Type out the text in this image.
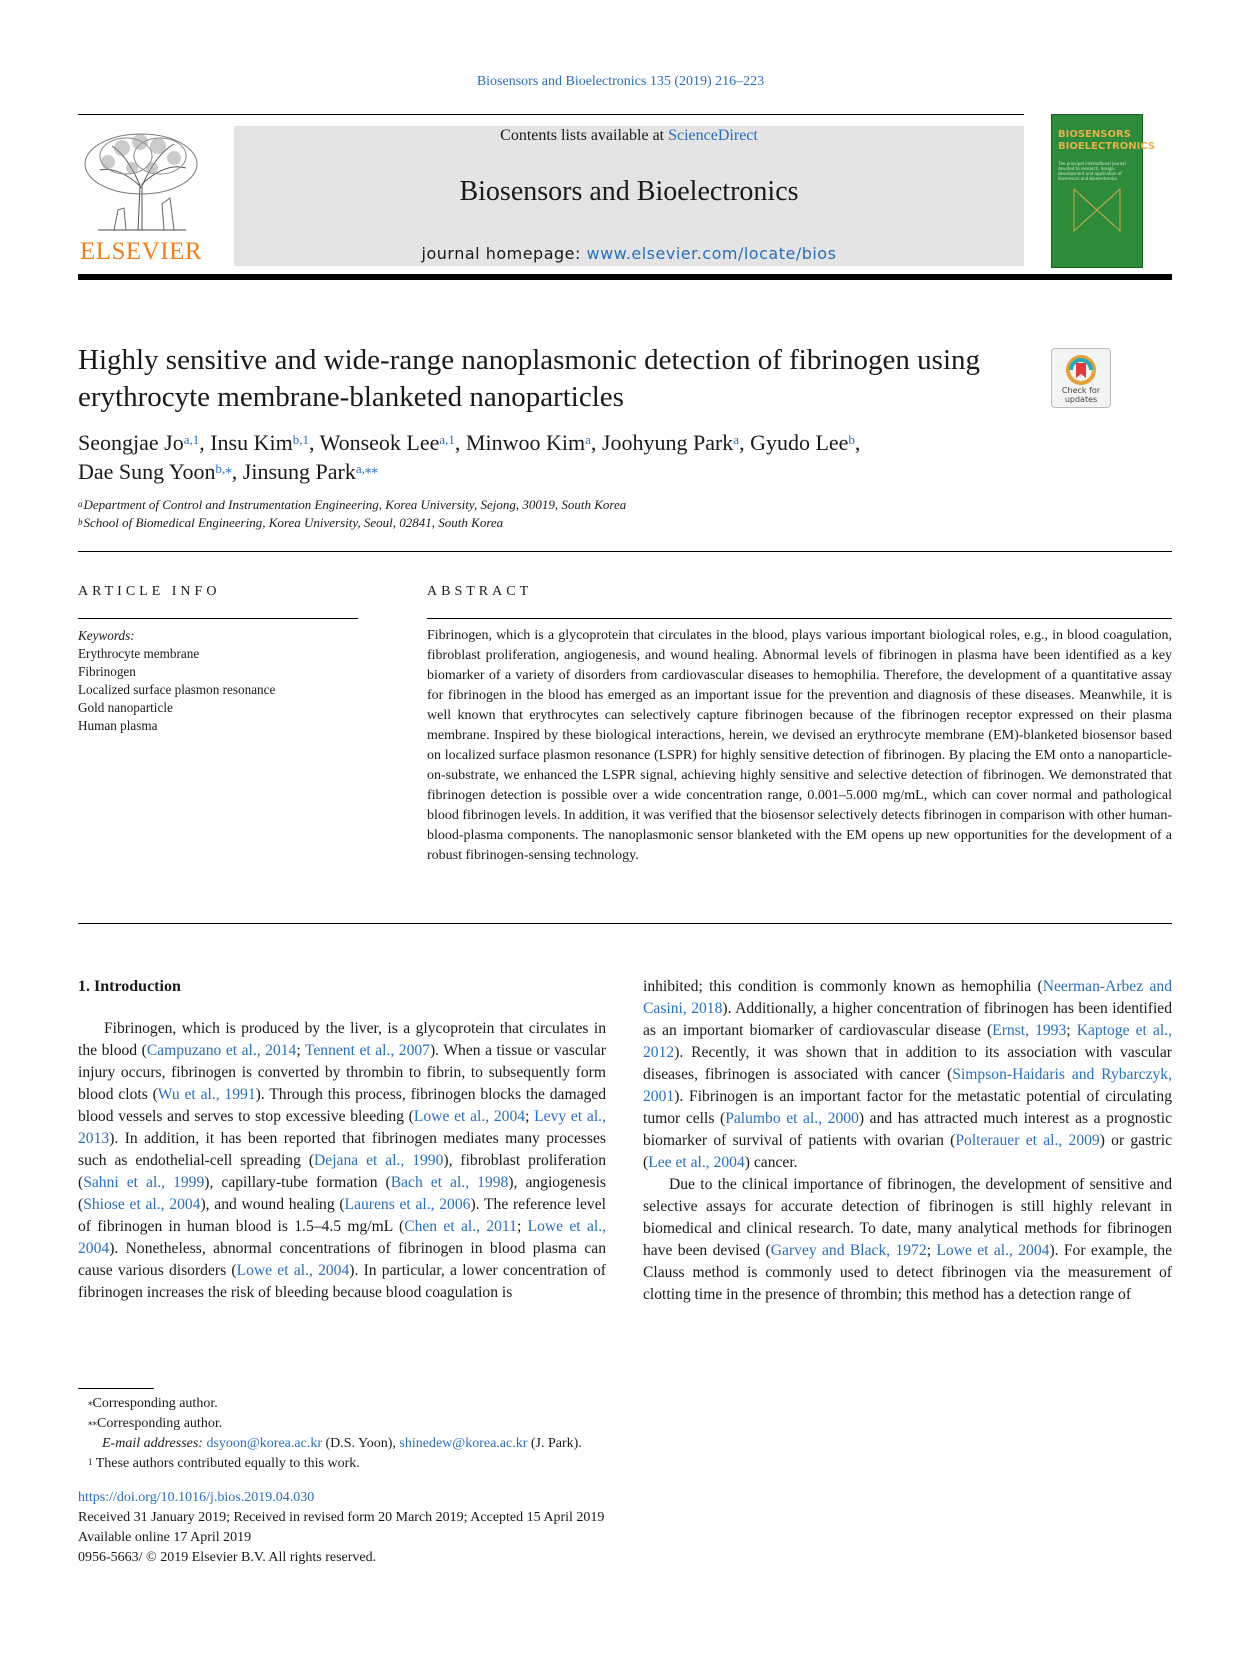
Biosensors and Bioelectronics 135 (2019) 216–223
ELSEVIER
Contents lists available at ScienceDirect
Biosensors and Bioelectronics
journal homepage: www.elsevier.com/locate/bios
BIOSENSORS BIOELECTRONICS
The principal international journal devoted to research, design, development and application of biosensors and bioelectronics
Highly sensitive and wide-range nanoplasmonic detection of fibrinogen using erythrocyte membrane-blanketed nanoparticles	Check for updates
Seongjae Jo$^{a,1}$, Insu Kim$^{b,1}$, Wonseok Lee$^{a,1}$, Minwoo Kim$^a$, Joohyung Park$^a$, Gyudo Lee$^b$,
Dae Sung Yoon$^{b,⁎}$, Jinsung Park$^{a,⁎⁎}$
$^a$Department of Control and Instrumentation Engineering, Korea University, Sejong, 30019, South Korea
$^b$School of Biomedical Engineering, Korea University, Seoul, 02841, South Korea
ARTICLE INFO	ABSTRACT
Keywords:
Erythrocyte membrane
Fibrinogen
Localized surface plasmon resonance
Gold nanoparticle
Human plasma
Fibrinogen, which is a glycoprotein that circulates in the blood, plays various important biological roles, e.g., in blood coagulation, fibroblast proliferation, angiogenesis, and wound healing. Abnormal levels of fibrinogen in plasma have been identified as a key biomarker of a variety of disorders from cardiovascular diseases to hemophilia. Therefore, the development of a quantitative assay for fibrinogen in the blood has emerged as an important issue for the prevention and diagnosis of these diseases. Meanwhile, it is well known that erythrocytes can selectively capture fibrinogen because of the fibrinogen receptor expressed on their plasma membrane. Inspired by these biological interactions, herein, we devised an erythrocyte membrane (EM)-blanketed biosensor based on localized surface plasmon resonance (LSPR) for highly sensitive detection of fibrinogen. By placing the EM onto a nanoparticle-on-substrate, we enhanced the LSPR signal, achieving highly sensitive and selective detection of fibrinogen. We demonstrated that fibrinogen detection is possible over a wide concentration range, 0.001–5.000 mg/mL, which can cover normal and pathological blood fibrinogen levels. In addition, it was verified that the biosensor selectively detects fibrinogen in comparison with other human-blood-plasma components. The nanoplasmonic sensor blanketed with the EM opens up new opportunities for the development of a robust fibrinogen-sensing technology.
1. Introduction

Fibrinogen, which is produced by the liver, is a glycoprotein that circulates in the blood (Campuzano et al., 2014; Tennent et al., 2007). When a tissue or vascular injury occurs, fibrinogen is converted by thrombin to fibrin, to subsequently form blood clots (Wu et al., 1991). Through this process, fibrinogen blocks the damaged blood vessels and serves to stop excessive bleeding (Lowe et al., 2004; Levy et al., 2013). In addition, it has been reported that fibrinogen mediates many processes such as endothelial-cell spreading (Dejana et al., 1990), fibroblast proliferation (Sahni et al., 1999), capillary-tube formation (Bach et al., 1998), angiogenesis (Shiose et al., 2004), and wound healing (Laurens et al., 2006). The reference level of fibrinogen in human blood is 1.5–4.5 mg/mL (Chen et al., 2011; Lowe et al., 2004). Nonetheless, abnormal concentrations of fibrinogen in blood plasma can cause various disorders (Lowe et al., 2004). In particular, a lower concentration of fibrinogen increases the risk of bleeding because blood coagulation is

inhibited; this condition is commonly known as hemophilia (Neerman-Arbez and Casini, 2018). Additionally, a higher concentration of fibrinogen has been identified as an important biomarker of cardiovascular disease (Ernst, 1993; Kaptoge et al., 2012). Recently, it was shown that in addition to its association with vascular diseases, fibrinogen is associated with cancer (Simpson-Haidaris and Rybarczyk, 2001). Fibrinogen is an important factor for the metastatic potential of circulating tumor cells (Palumbo et al., 2000) and has attracted much interest as a prognostic biomarker of survival of patients with ovarian (Polterauer et al., 2009) or gastric (Lee et al., 2004) cancer.

Due to the clinical importance of fibrinogen, the development of sensitive and selective assays for accurate detection of fibrinogen is still highly relevant in biomedical and clinical research. To date, many analytical methods for fibrinogen have been devised (Garvey and Black, 1972; Lowe et al., 2004). For example, the Clauss method is commonly used to detect fibrinogen via the measurement of clotting time in the presence of thrombin; this method has a detection range of

⁎Corresponding author.
⁎⁎Corresponding author.
E-mail addresses: dsyoon@korea.ac.kr (D.S. Yoon), shinedew@korea.ac.kr (J. Park).
$^1$ These authors contributed equally to this work.
https://doi.org/10.1016/j.bios.2019.04.030
Received 31 January 2019; Received in revised form 20 March 2019; Accepted 15 April 2019
Available online 17 April 2019
0956-5663/ © 2019 Elsevier B.V. All rights reserved.
